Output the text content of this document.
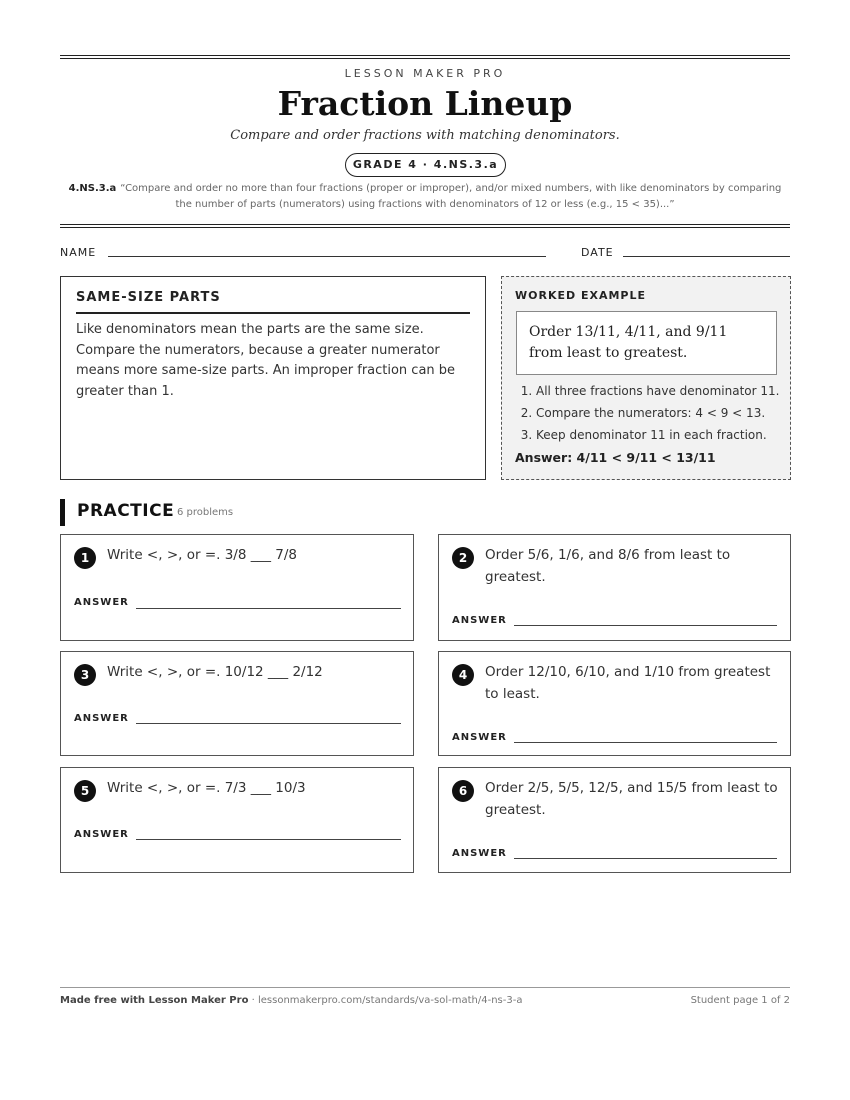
LESSON MAKER PRO
Fraction Lineup
Compare and order fractions with matching denominators.
GRADE 4 · 4.NS.3.a
4.NS.3.a “Compare and order no more than four fractions (proper or improper), and/or mixed numbers, with like denominators by comparing the number of parts (numerators) using fractions with denominators of 12 or less (e.g., 15 < 35)...”
NAME	DATE
SAME-SIZE PARTS

Like denominators mean the parts are the same size. Compare the numerators, because a greater numerator means more same-size parts. An improper fraction can be greater than 1.

WORKED EXAMPLE
Order 13/11, 4/11, and 9/11 from least to greatest.
1. All three fractions have denominator 11.
2. Compare the numerators: 4 < 9 < 13.
3. Keep denominator 11 in each fraction.
Answer: 4/11 < 9/11 < 13/11
PRACTICE 6 problems
1	Write <, >, or =. 3/8 ___ 7/8
ANSWER
2	Order 5/6, 1/6, and 8/6 from least to greatest.
ANSWER
3	Write <, >, or =. 10/12 ___ 2/12
ANSWER
4	Order 12/10, 6/10, and 1/10 from greatest to least.
ANSWER
5	Write <, >, or =. 7/3 ___ 10/3
ANSWER
6	Order 2/5, 5/5, 12/5, and 15/5 from least to greatest.
ANSWER
Made free with Lesson Maker Pro · lessonmakerpro.com/standards/va-sol-math/4-ns-3-a	Student page 1 of 2
